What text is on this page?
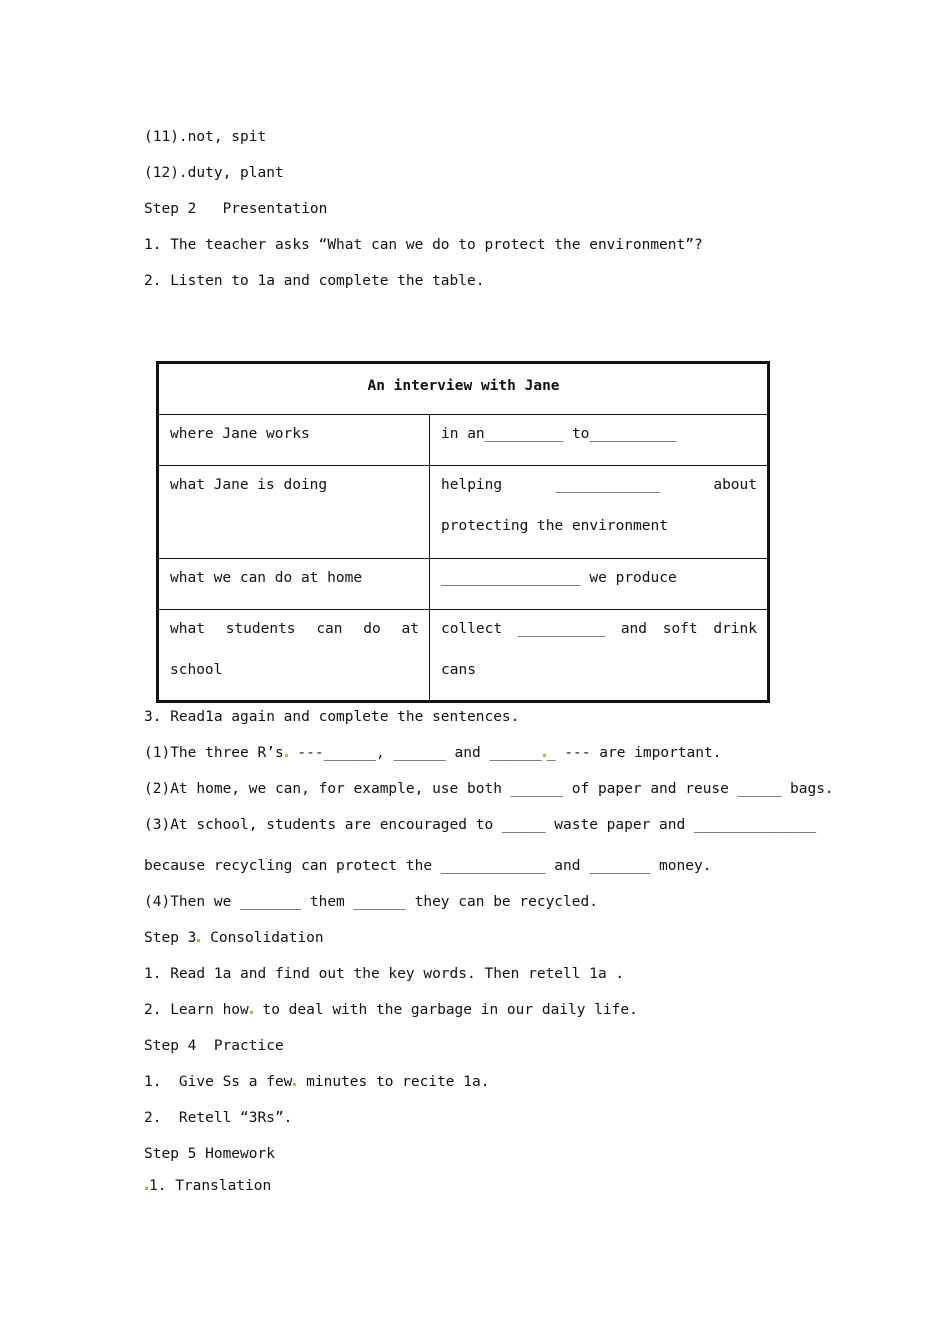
(11).not, spit
(12).duty, plant
Step 2   Presentation
1. The teacher asks “What can we do to protect the environment”?
2. Listen to 1a and complete the table.
An interview with Jane	

where Jane works	in an_________ to__________

what Jane is doing	helping ____________ about protecting the environment

what we can do at home	________________ we produce

what students can do at school	collect __________ and soft drink cans
3. Read1a again and complete the sentences.
(1)The three R’s ---______, ______ and ______ _ --- are important.
(2)At home, we can, for example, use both ______ of paper and reuse _____ bags.
(3)At school, students are encouraged to _____ waste paper and ______________
because recycling can protect the ____________ and _______ money.
(4)Then we _______ them ______ they can be recycled.
Step 3 Consolidation
1. Read 1a and find out the key words. Then retell 1a .
2. Learn how to deal with the garbage in our daily life.
Step 4  Practice
1.  Give Ss a few minutes to recite 1a.
2.  Retell “3Rs”.
Step 5 Homework
1. Translation
